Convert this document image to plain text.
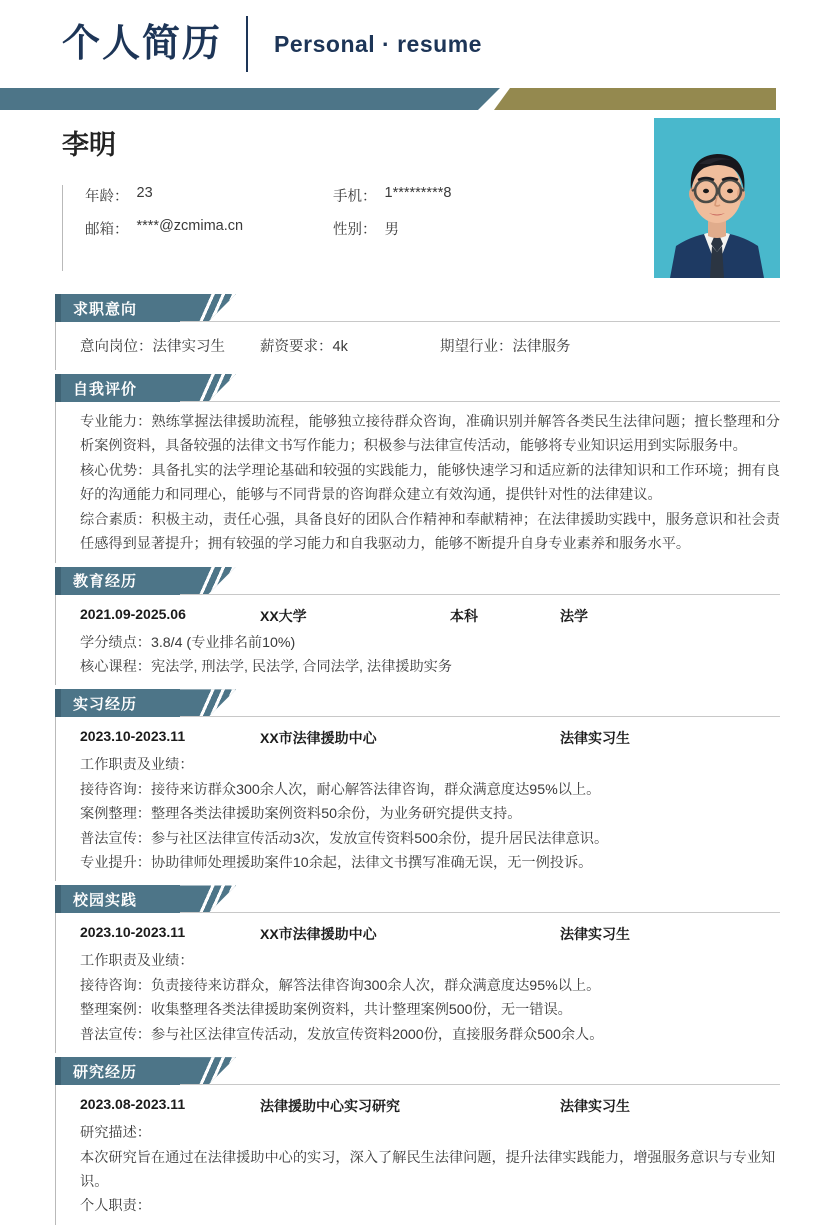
个人简历 Personal · resume
李明
年龄： 23	手机： 1*********8
邮箱： ****@zcmima.cn	性别： 男
求职意向
意向岗位：法律实习生	薪资要求：4k	期望行业：法律服务
自我评价
专业能力：熟练掌握法律援助流程，能够独立接待群众咨询，准确识别并解答各类民生法律问题；擅长整理和分析案例资料，具备较强的法律文书写作能力；积极参与法律宣传活动，能够将专业知识运用到实际服务中。
核心优势：具备扎实的法学理论基础和较强的实践能力，能够快速学习和适应新的法律知识和工作环境；拥有良好的沟通能力和同理心，能够与不同背景的咨询群众建立有效沟通，提供针对性的法律建议。
综合素质：积极主动，责任心强，具备良好的团队合作精神和奉献精神；在法律援助实践中，服务意识和社会责任感得到显著提升；拥有较强的学习能力和自我驱动力，能够不断提升自身专业素养和服务水平。
教育经历
2021.09-2025.06	XX大学	本科	法学
学分绩点：3.8/4 (专业排名前10%)
核心课程：宪法学, 刑法学, 民法学, 合同法学, 法律援助实务
实习经历
2023.10-2023.11	XX市法律援助中心	法律实习生
工作职责及业绩：
接待咨询：接待来访群众300余人次，耐心解答法律咨询，群众满意度达95%以上。
案例整理：整理各类法律援助案例资料50余份，为业务研究提供支持。
普法宣传：参与社区法律宣传活动3次，发放宣传资料500余份，提升居民法律意识。
专业提升：协助律师处理援助案件10余起，法律文书撰写准确无误，无一例投诉。
校园实践
2023.10-2023.11	XX市法律援助中心	法律实习生
工作职责及业绩：
接待咨询：负责接待来访群众，解答法律咨询300余人次，群众满意度达95%以上。
整理案例：收集整理各类法律援助案例资料，共计整理案例500份，无一错误。
普法宣传：参与社区法律宣传活动，发放宣传资料2000份，直接服务群众500余人。
研究经历
2023.08-2023.11	法律援助中心实习研究	法律实习生
研究描述：
本次研究旨在通过在法律援助中心的实习，深入了解民生法律问题，提升法律实践能力，增强服务意识与专业知识。
个人职责：
